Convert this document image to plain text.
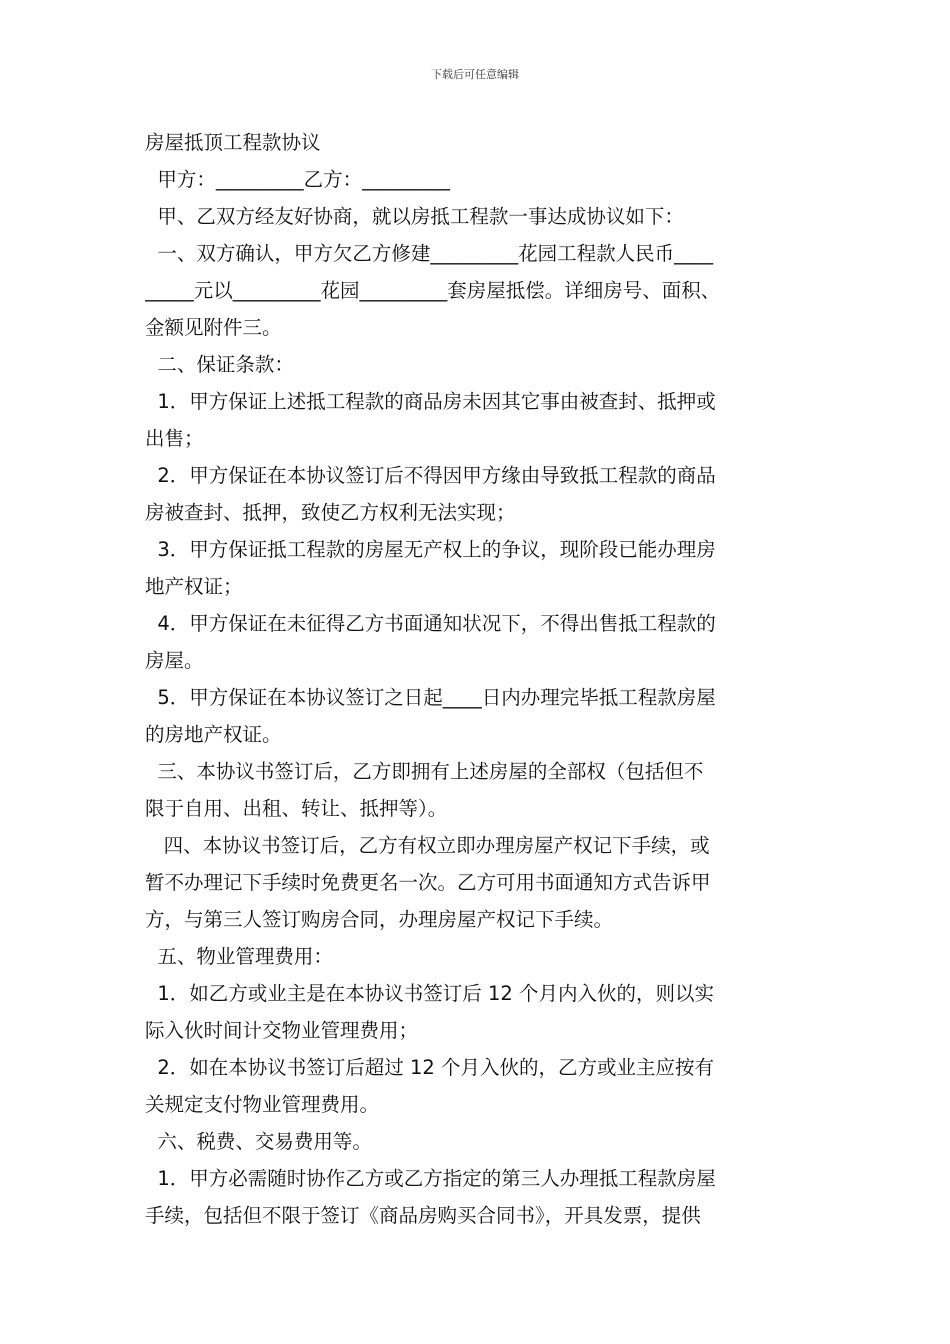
下载后可任意编辑
房屋抵顶工程款协议
甲方：_________乙方：_________
甲、乙双方经友好协商，就以房抵工程款一事达成协议如下：
一、双方确认，甲方欠乙方修建_________花园工程款人民币____
_____元以_________花园_________套房屋抵偿。详细房号、面积、
金额见附件三。
二、保证条款：
1．甲方保证上述抵工程款的商品房未因其它事由被查封、抵押或
出售；
2．甲方保证在本协议签订后不得因甲方缘由导致抵工程款的商品
房被查封、抵押，致使乙方权利无法实现；
3．甲方保证抵工程款的房屋无产权上的争议，现阶段已能办理房
地产权证；
4．甲方保证在未征得乙方书面通知状况下，不得出售抵工程款的
房屋。
5．甲方保证在本协议签订之日起____日内办理完毕抵工程款房屋
的房地产权证。
三、本协议书签订后，乙方即拥有上述房屋的全部权（包括但不
限于自用、出租、转让、抵押等）。
四、本协议书签订后，乙方有权立即办理房屋产权记下手续，或
暂不办理记下手续时免费更名一次。乙方可用书面通知方式告诉甲
方，与第三人签订购房合同，办理房屋产权记下手续。
五、物业管理费用：
1．如乙方或业主是在本协议书签订后 12 个月内入伙的，则以实
际入伙时间计交物业管理费用；
2．如在本协议书签订后超过 12 个月入伙的，乙方或业主应按有
关规定支付物业管理费用。
六、税费、交易费用等。
1．甲方必需随时协作乙方或乙方指定的第三人办理抵工程款房屋
手续，包括但不限于签订《商品房购买合同书》，开具发票，提供
